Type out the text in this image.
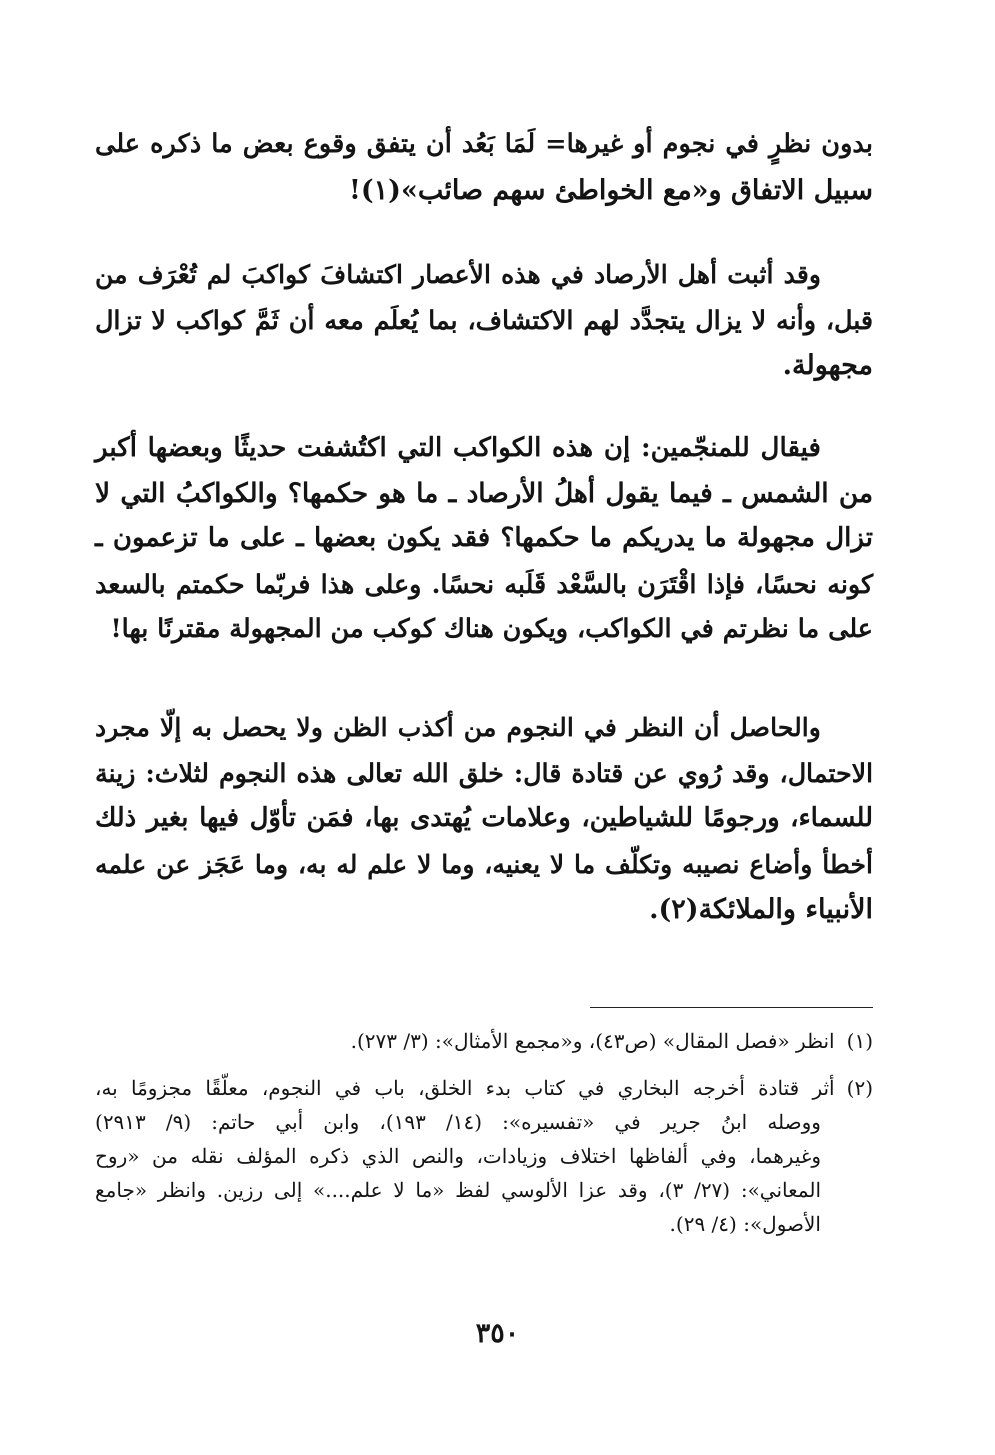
بدون نظرٍ في نجوم أو غيرها= لَمَا بَعُد أن يتفق وقوع بعض ما ذكره على
سبيل الاتفاق و«مع الخواطئ سهم صائب»(١)!
وقد أثبت أهل الأرصاد في هذه الأعصار اكتشافَ كواكبَ لم تُعْرَف من
قبل، وأنه لا يزال يتجدَّد لهم الاكتشاف، بما يُعلَم معه أن ثَمَّ كواكب لا تزال
مجهولة.
فيقال للمنجّمين: إن هذه الكواكب التي اكتُشفت حديثًا وبعضها أكبر
من الشمس ـ فيما يقول أهلُ الأرصاد ـ ما هو حكمها؟ والكواكبُ التي لا
تزال مجهولة ما يدريكم ما حكمها؟ فقد يكون بعضها ـ على ما تزعمون ـ
كونه نحسًا، فإذا اقْتَرَن بالسَّعْد قَلَبه نحسًا. وعلى هذا فربّما حكمتم بالسعد
على ما نظرتم في الكواكب، ويكون هناك كوكب من المجهولة مقترنًا بها!
والحاصل أن النظر في النجوم من أكذب الظن ولا يحصل به إلّا مجرد
الاحتمال، وقد رُوي عن قتادة قال: خلق الله تعالى هذه النجوم لثلاث: زينة
للسماء، ورجومًا للشياطين، وعلامات يُهتدى بها، فمَن تأوّل فيها بغير ذلك
أخطأ وأضاع نصيبه وتكلّف ما لا يعنيه، وما لا علم له به، وما عَجَز عن علمه
الأنبياء والملائكة(٢).
(١)انظر «فصل المقال» (ص٤٣)، و«مجمع الأمثال»: (٣/ ٢٧٣).
(٢)أثر قتادة أخرجه البخاري في كتاب بدء الخلق، باب في النجوم، معلّقًا مجزومًا به،
ووصله ابنُ جرير في «تفسيره»: (١٤/ ١٩٣)، وابن أبي حاتم: (٩/ ٢٩١٣)
وغيرهما، وفي ألفاظها اختلاف وزيادات، والنص الذي ذكره المؤلف نقله من «روح
المعاني»: (٢٧/ ٣)، وقد عزا الألوسي لفظ «ما لا علم....» إلى رزين. وانظر «جامع
الأصول»: (٤/ ٢٩).
٣٥٠
